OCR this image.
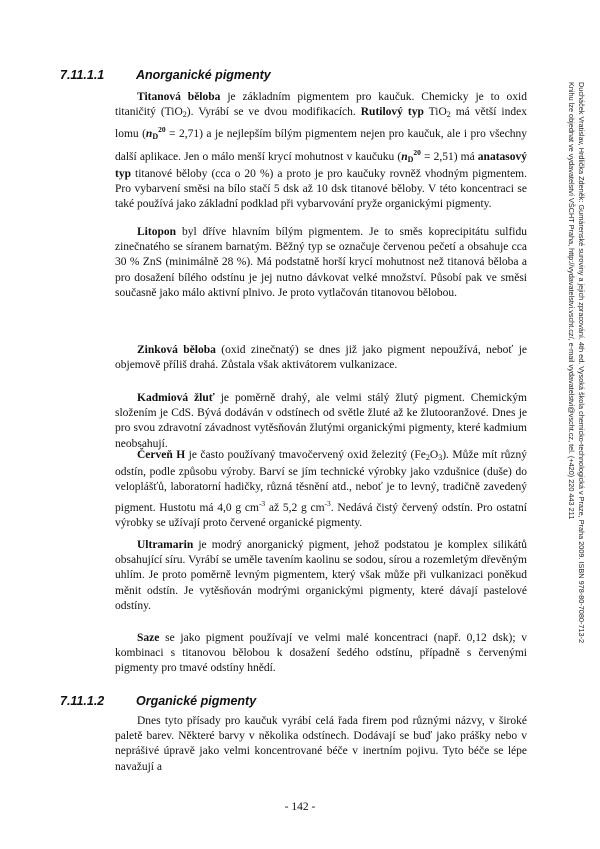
7.11.1.1	Anorganické pigmenty

Titanová běloba je základním pigmentem pro kaučuk. Chemicky je to oxid titaničitý (TiO$_2$). Vyrábí se ve dvou modifikacích. Rutilový typ TiO$_2$ má větší index lomu $(n_D^{20} = 2,71)$ a je nejlepším bílým pigmentem nejen pro kaučuk, ale i pro všechny další aplikace. Jen o málo menší krycí mohutnost v kaučuku $(n_D^{20} = 2,51)$ má anatasový typ titanové běloby (cca o 20 %) a proto je pro kaučuky rovněž vhodným pigmentem. Pro vybarvení směsi na bílo stačí 5 dsk až 10 dsk titanové běloby. V této koncentraci se také používá jako základní podklad při vybarvování pryže organickými pigmenty.

Litopon byl dříve hlavním bílým pigmentem. Je to směs koprecipitátu sulfidu zinečnatého se síranem barnatým. Běžný typ se označuje červenou pečetí a obsahuje cca 30 % ZnS (minimálně 28 %). Má podstatně horší krycí mohutnost než titanová běloba a pro dosažení bílého odstínu je jej nutno dávkovat velké množství. Působí pak ve směsi současně jako málo aktivní plnivo. Je proto vytlačován titanovou bělobou.

Zinková běloba (oxid zinečnatý) se dnes již jako pigment nepoužívá, neboť je objemově příliš drahá. Zůstala však aktivátorem vulkanizace.

Kadmiová žluť je poměrně drahý, ale velmi stálý žlutý pigment. Chemickým složením je CdS. Bývá dodáván v odstínech od světle žluté až ke žlutooranžové. Dnes je pro svou zdravotní závadnost vytěsňován žlutými organickými pigmenty, které kadmium neobsahují.

Červeň H je často používaný tmavočervený oxid železitý $(Fe_2O_3)$. Může mít různý odstín, podle způsobu výroby. Barví se jím technické výrobky jako vzdušnice (duše) do veloplášťů, laboratorní hadičky, různá těsnění atd., neboť je to levný, tradičně zavedený pigment. Hustotu má 4,0 g $cm^{-3}$ až 5,2 g $cm^{-3}$. Nedává čistý červený odstín. Pro ostatní výrobky se užívají proto červené organické pigmenty.

Ultramarin je modrý anorganický pigment, jehož podstatou je komplex silikátů obsahující síru. Vyrábí se uměle tavením kaolinu se sodou, sírou a rozemletým dřevěným uhlím. Je proto poměrně levným pigmentem, který však může při vulkanizaci poněkud měnit odstín. Je vytěsňován modrými organickými pigmenty, které dávají pastelové odstíny.

Saze se jako pigment používají ve velmi malé koncentraci (např. 0,12 dsk); v kombinaci s titanovou bělobou k dosažení šedého odstínu, případně s červenými pigmenty pro tmavé odstíny hnědí.

7.11.1.2	Organické pigmenty

Dnes tyto přísady pro kaučuk vyrábí celá řada firem pod různými názvy, v široké paletě barev. Některé barvy v několika odstínech. Dodávají se buď jako prášky nebo v neprášivé úpravě jako velmi koncentrované béče v inertním pojivu. Tyto béče se lépe navažují a

- 142 -
Ducháček Vratislav, Hrdlička Zdeněk: Gumárenské suroviny a jejich zpracování. 4th ed. Vysoká škola chemicko-technologická v Praze, Praha 2009. ISBN 978-80-7080-713-2
Knihu lze objednat ve vydavatelství VŠCHT Praha, http://vydavatelstvi.vscht.cz/, e-mail vydavatelstvi@vscht.cz, tel. (+420) 220 443 211
